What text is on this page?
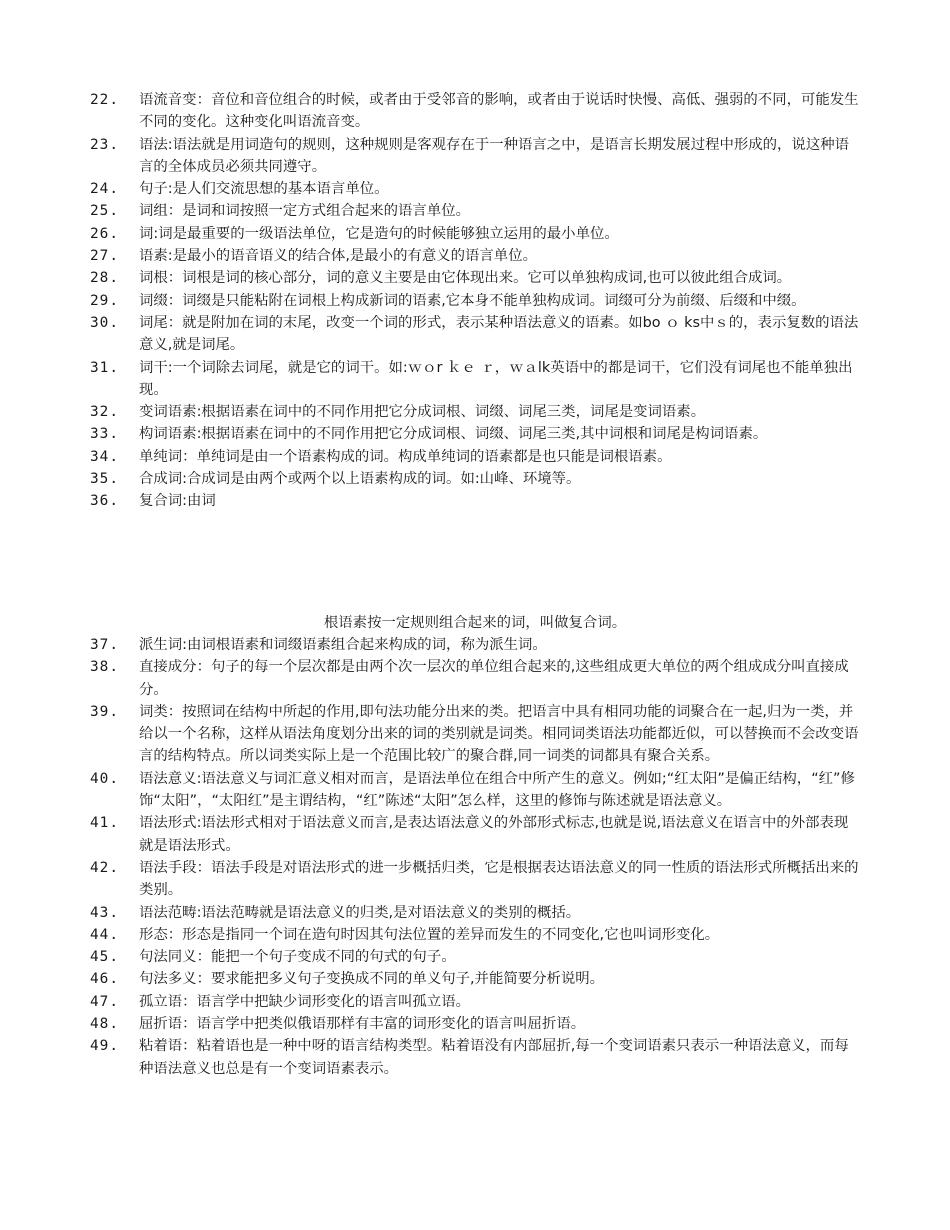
22.	语流音变：音位和音位组合的时候，或者由于受邻音的影响，或者由于说话时快慢、高低、强弱的不同，可能发生不同的变化。这种变化叫语流音变。
23.	语法:语法就是用词造句的规则，这种规则是客观存在于一种语言之中，是语言长期发展过程中形成的，说这种语言的全体成员必须共同遵守。
24.	句子:是人们交流思想的基本语言单位。
25.	词组：是词和词按照一定方式组合起来的语言单位。
26.	词:词是最重要的一级语法单位，它是造句的时候能够独立运用的最小单位。
27.	语素:是最小的语音语义的结合体,是最小的有意义的语言单位。
28.	词根：词根是词的核心部分，词的意义主要是由它体现出来。它可以单独构成词,也可以彼此组合成词。
29.	词缀：词缀是只能粘附在词根上构成新词的语素,它本身不能单独构成词。词缀可分为前缀、后缀和中缀。
30.	词尾：就是附加在词的末尾，改变一个词的形式，表示某种语法意义的语素。如bo ｏ ks中ｓ的，表示复数的语法意义,就是词尾。
31.	词干:一个词除去词尾，就是它的词干。如:ｗｏr ｋｅ ｒ，ｗａlk英语中的都是词干，它们没有词尾也不能单独出现。
32.	变词语素:根据语素在词中的不同作用把它分成词根、词缀、词尾三类，词尾是变词语素。
33.	构词语素:根据语素在词中的不同作用把它分成词根、词缀、词尾三类,其中词根和词尾是构词语素。
34.	单纯词：单纯词是由一个语素构成的词。构成单纯词的语素都是也只能是词根语素。
35.	合成词:合成词是由两个或两个以上语素构成的词。如:山峰、环境等。
36.	复合词:由词
根语素按一定规则组合起来的词，叫做复合词。
37.	派生词:由词根语素和词缀语素组合起来构成的词，称为派生词。
38.	直接成分：句子的每一个层次都是由两个次一层次的单位组合起来的,这些组成更大单位的两个组成成分叫直接成分。
39.	词类：按照词在结构中所起的作用,即句法功能分出来的类。把语言中具有相同功能的词聚合在一起,归为一类，并给以一个名称，这样从语法角度划分出来的词的类别就是词类。相同词类语法功能都近似，可以替换而不会改变语言的结构特点。所以词类实际上是一个范围比较广的聚合群,同一词类的词都具有聚合关系。
40.	语法意义:语法意义与词汇意义相对而言，是语法单位在组合中所产生的意义。例如;“红太阳”是偏正结构，“红”修饰“太阳”，“太阳红”是主谓结构，“红”陈述“太阳”怎么样，这里的修饰与陈述就是语法意义。
41.	语法形式:语法形式相对于语法意义而言,是表达语法意义的外部形式标志,也就是说,语法意义在语言中的外部表现就是语法形式。
42.	语法手段：语法手段是对语法形式的进一步概括归类，它是根据表达语法意义的同一性质的语法形式所概括出来的类别。
43.	语法范畴:语法范畴就是语法意义的归类,是对语法意义的类别的概括。
44.	形态：形态是指同一个词在造句时因其句法位置的差异而发生的不同变化,它也叫词形变化。
45.	句法同义：能把一个句子变成不同的句式的句子。
46.	句法多义：要求能把多义句子变换成不同的单义句子,并能简要分析说明。
47.	孤立语：语言学中把缺少词形变化的语言叫孤立语。
48.	屈折语：语言学中把类似俄语那样有丰富的词形变化的语言叫屈折语。
49.	粘着语：粘着语也是一种中呀的语言结构类型。粘着语没有内部屈折,每一个变词语素只表示一种语法意义，而每种语法意义也总是有一个变词语素表示。
